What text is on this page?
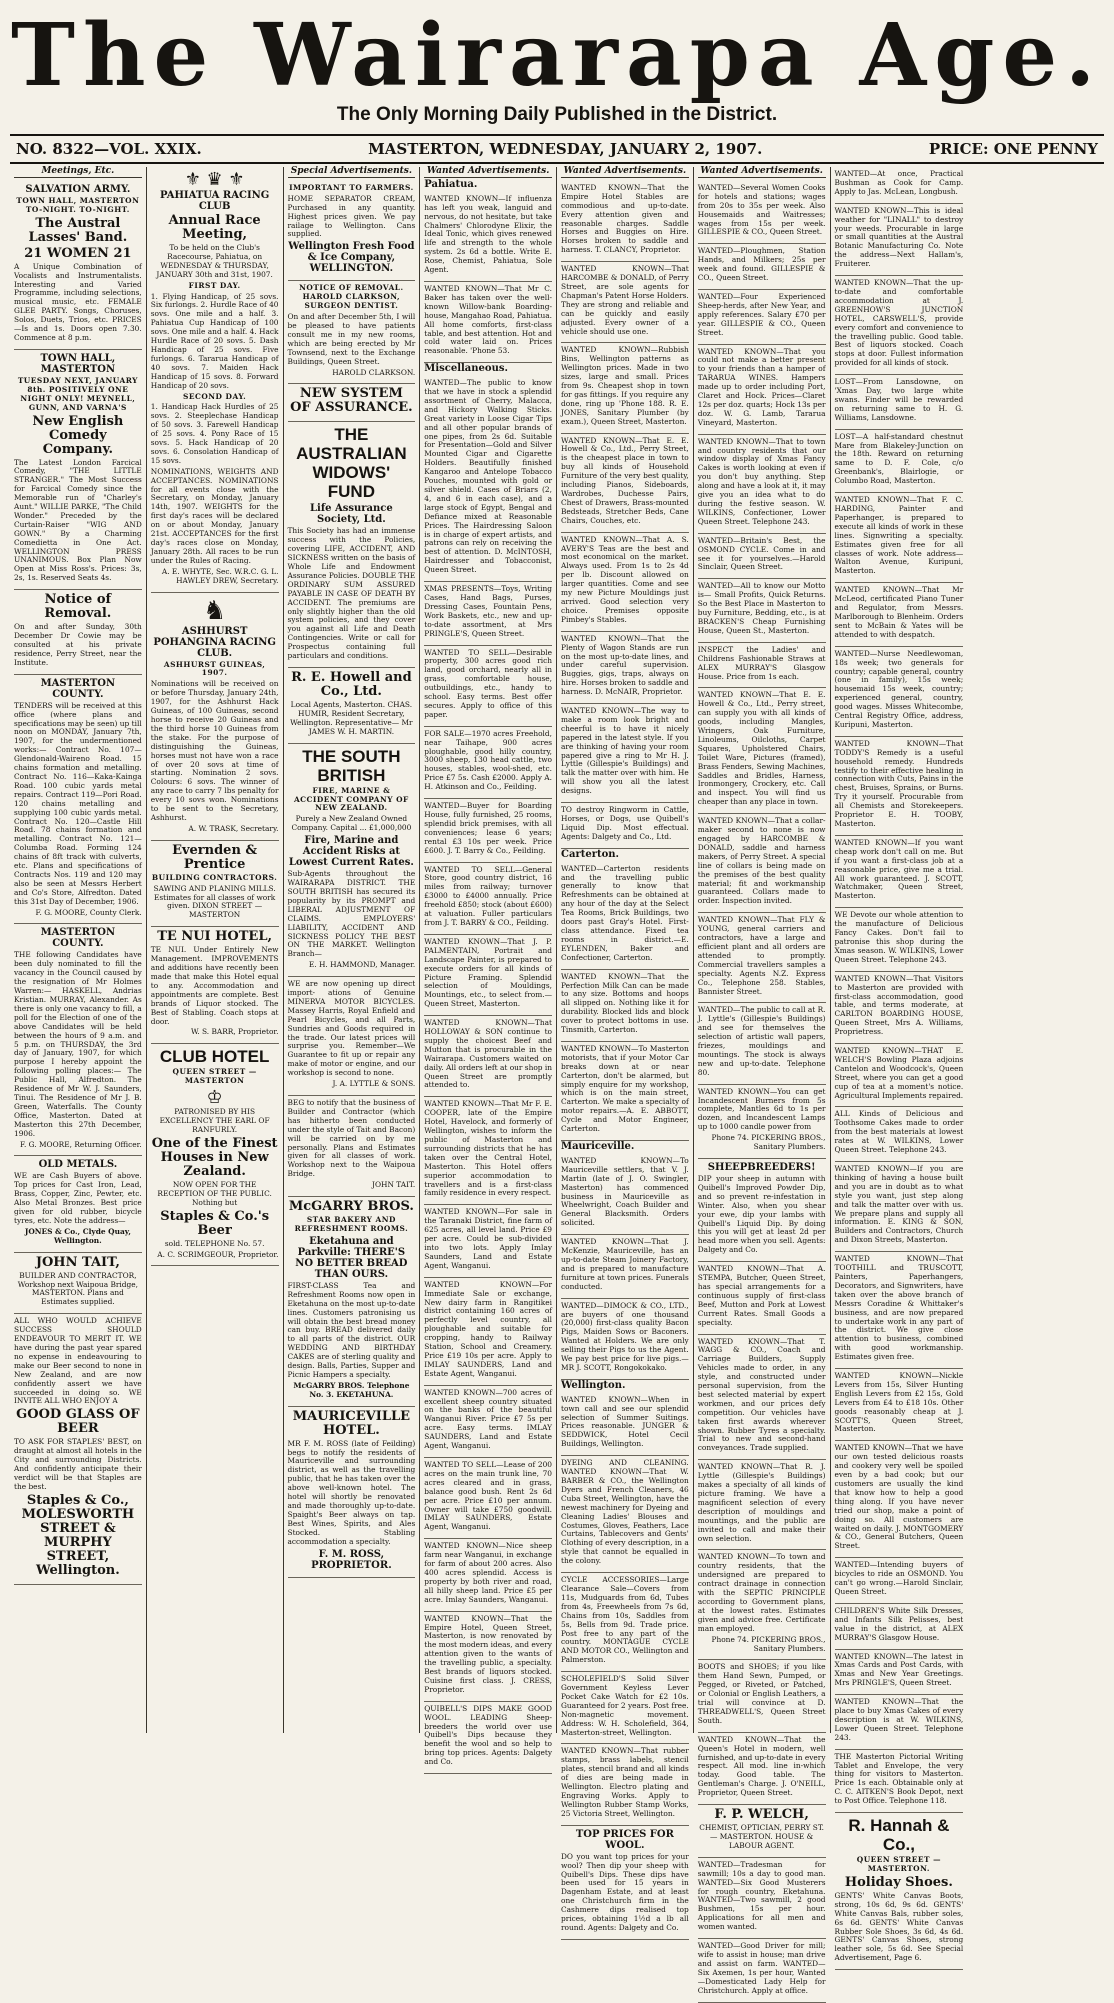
The Wairarapa Age.
The Only Morning Daily Published in the District.
NO. 8322—VOL. XXIX.	MASTERTON, WEDNESDAY, JANUARY 2, 1907.	PRICE: ONE PENNY
Meetings, Etc.
SALVATION ARMY.

TOWN HALL, MASTERTON TO-NIGHT. TO-NIGHT.

The Austral Lasses' Band.
21 WOMEN 21

A Unique Combination of Vocalists and Instrumentalists. Interesting and Varied Programme, including selections, musical music, etc. FEMALE GLEE PARTY. Songs, Choruses, Solos, Duets, Trios, etc. PRICES—Is and 1s. Doors open 7.30. Commence at 8 p.m.

TOWN HALL, MASTERTON

TUESDAY NEXT, JANUARY 8th. POSITIVELY ONE NIGHT ONLY! MEYNELL, GUNN, AND VARNA'S

New English Comedy Company.

The Latest London Farcical Comedy, "THE LITTLE STRANGER." The Most Success for Farcical Comedy since the Memorable run of "Charley's Aunt." WILLIE PARKE, "The Child Wonder." Preceded by the Curtain-Raiser "WIG AND GOWN." By a Charming Comedietta in One Act. WELLINGTON PRESS UNANIMOUS. Box Plan Now Open at Miss Ross's. Prices: 3s, 2s, 1s. Reserved Seats 4s.

Notice of Removal.

On and after Sunday, 30th December Dr Cowie may be consulted at his private residence, Perry Street, near the Institute.

MASTERTON COUNTY.

TENDERS will be received at this office (where plans and specifications may be seen) up till noon on MONDAY, January 7th, 1907, for the undermentioned works:— Contract No. 107—Glendonald-Waireno Road. 15 chains formation and metalling. Contract No. 116—Kaka-Kainga Road. 100 cubic yards metal repairs. Contract 119—Pori Road. 120 chains metalling and supplying 100 cubic yards metal. Contract No. 120—Castle Hill Road. 78 chains formation and metalling. Contract No. 121—Columba Road. Forming 124 chains of 8ft track with culverts, etc. Plans and specifications of Contracts Nos. 119 and 120 may also be seen at Messrs Herbert and Co's Store, Alfredton. Dated this 31st Day of December, 1906.

F. G. MOORE, County Clerk.

MASTERTON COUNTY.

THE following Candidates have been duly nominated to fill the vacancy in the Council caused by the resignation of Mr Holmes Warren:— HASKELL, Andrias Kristian. MURRAY, Alexander. As there is only one vacancy to fill, a poll for the Election of one of the above Candidates will be held between the hours of 9 a.m. and 5 p.m. on THURSDAY, the 3rd day of January, 1907, for which purpose I hereby appoint the following polling places:— The Public Hall, Alfredton. The Residence of Mr W. J. Saunders, Tinui. The Residence of Mr J. B. Green, Waterfalls. The County Office, Masterton. Dated at Masterton this 27th December, 1906.

F. G. MOORE, Returning Officer.

OLD METALS.

WE are Cash Buyers of above. Top prices for Cast Iron, Lead, Brass, Copper, Zinc, Pewter, etc. Also Metal Bronzes. Best price given for old rubber, bicycle tyres, etc. Note the address—

JONES & Co., Clyde Quay, Wellington.

JOHN TAIT,

BUILDER AND CONTRACTOR, Workshop next Waipoua Bridge, MASTERTON. Plans and Estimates supplied.

ALL WHO WOULD ACHIEVE SUCCESS SHOULD ENDEAVOUR TO MERIT IT. WE have during the past year spared no expense in endeavouring to make our Beer second to none in New Zealand, and are now confidently assert we have succeeded in doing so. WE INVITE ALL WHO ENJOY A

GOOD GLASS OF BEER

TO ASK FOR STAPLES' BEST, on draught at almost all hotels in the City and surrounding Districts. And confidently anticipate their verdict will be that Staples are the best.

Staples & Co., MOLESWORTH STREET & MURPHY STREET, Wellington.
⚜ ♛ ⚜
PAHIATUA RACING CLUB
Annual Race Meeting,

To be held on the Club's Racecourse, Pahiatua, on WEDNESDAY & THURSDAY, JANUARY 30th and 31st, 1907.

FIRST DAY.

1. Flying Handicap, of 25 sovs. Six furlongs. 2. Hurdle Race of 40 sovs. One mile and a half. 3. Pahiatua Cup Handicap of 100 sovs. One mile and a half. 4. Hack Hurdle Race of 20 sovs. 5. Dash Handicap of 25 sovs. Five furlongs. 6. Tararua Handicap of 40 sovs. 7. Maiden Hack Handicap of 15 sovs. 8. Forward Handicap of 20 sovs.

SECOND DAY.

1. Handicap Hack Hurdles of 25 sovs. 2. Steeplechase Handicap of 50 sovs. 3. Farewell Handicap of 25 sovs. 4. Pony Race of 15 sovs. 5. Hack Handicap of 20 sovs. 6. Consolation Handicap of 15 sovs.

NOMINATIONS, WEIGHTS AND ACCEPTANCES. NOMINATIONS for all events close with the Secretary, on Monday, January 14th, 1907. WEIGHTS for the first day's races will be declared on or about Monday, January 21st. ACCEPTANCES for the first day's races close on Monday, January 28th. All races to be run under the Rules of Racing.

A. E. WHYTE, Sec. W.R.C. G. L. HAWLEY DREW, Secretary.

♞
ASHHURST POHANGINA RACING CLUB.

ASHHURST GUINEAS, 1907.

Nominations will be received on or before Thursday, January 24th, 1907, for the Ashhurst Hack Guineas, of 100 Guineas, second horse to receive 20 Guineas and the third horse 10 Guineas from the stake. For the purpose of distinguishing the Guineas, horses must not have won a race of over 20 sovs at time of starting. Nomination 2 sovs. Colours: 6 sovs. The winner of any race to carry 7 lbs penalty for every 10 sovs won. Nominations to be sent to the Secretary, Ashhurst.

A. W. TRASK, Secretary.

Evernden & Prentice

BUILDING CONTRACTORS.

SAWING AND PLANING MILLS. Estimates for all classes of work given. DIXON STREET — MASTERTON

TE NUI HOTEL,

TE NUI. Under Entirely New Management. IMPROVEMENTS and additions have recently been made that make this Hotel equal to any. Accommodation and appointments are complete. Best brands of Liquor stocked. The Best of Stabling. Coach stops at door.

W. S. BARR, Proprietor.

CLUB HOTEL

QUEEN STREET — MASTERTON

♔

PATRONISED BY HIS EXCELLENCY THE EARL OF RANFURLY.

One of the Finest Houses in New Zealand.

NOW OPEN FOR THE RECEPTION OF THE PUBLIC. Nothing but

Staples & Co.'s Beer

sold. TELEPHONE No. 57.

A. C. SCRIMGEOUR, Proprietor.

Special Advertisements.

IMPORTANT TO FARMERS.

HOME SEPARATOR CREAM, Purchased in any quantity. Highest prices given. We pay railage to Wellington. Cans supplied.

Wellington Fresh Food & Ice Company, WELLINGTON.

NOTICE OF REMOVAL. HAROLD CLARKSON, SURGEON DENTIST.

On and after December 5th, I will be pleased to have patients consult me in my new rooms, which are being erected by Mr Townsend, next to the Exchange Buildings, Queen Street.

HAROLD CLARKSON.

NEW SYSTEM OF ASSURANCE.
THE AUSTRALIAN WIDOWS' FUND
Life Assurance Society, Ltd.

This Society has had an immense success with the Policies, covering LIFE, ACCIDENT, AND SICKNESS written on the basis of Whole Life and Endowment Assurance Policies. DOUBLE THE ORDINARY SUM ASSURED PAYABLE IN CASE OF DEATH BY ACCIDENT. The premiums are only slightly higher than the old system policies, and they cover you against all Life and Death Contingencies. Write or call for Prospectus containing full particulars and conditions.

R. E. Howell and Co., Ltd.

Local Agents, Masterton. CHAS. HUMIR, Resident Secretary, Wellington. Representative— Mr JAMES W. H. MARTIN.

THE SOUTH BRITISH

FIRE, MARINE & ACCIDENT COMPANY OF NEW ZEALAND.

Purely a New Zealand Owned Company. Capital ... £1,000,000

Fire, Marine and Accident Risks at Lowest Current Rates.

Sub-Agents throughout the WAIRARAPA DISTRICT. THE SOUTH BRITISH has secured its popularity by its PROMPT and LIBERAL ADJUSTMENT OF CLAIMS. EMPLOYERS' LIABILITY, ACCIDENT AND SICKNESS POLICY THE BEST ON THE MARKET. Wellington Branch—

E. H. HAMMOND, Manager.

WE are now opening up direct import- ations of Genuine MINERVA MOTOR BICYCLES. Massey Harris, Royal Enfield and Pearl Bicycles, and all Parts, Sundries and Goods required in the trade. Our latest prices will surprise you. Remember—We Guarantee to fit up or repair any make of motor or engine, and our workshop is second to none.

J. A. LYTTLE & SONS.

BEG to notify that the business of Builder and Contractor (which has hitherto been conducted under the style of Tait and Bacon) will be carried on by me personally. Plans and Estimates given for all classes of work. Workshop next to the Waipoua Bridge.

JOHN TAIT.

McGARRY BROS.

STAR BAKERY AND REFRESHMENT ROOMS.

Eketahuna and Parkville: THERE'S NO BETTER BREAD THAN OURS.

FIRST-CLASS Tea and Refreshment Rooms now open in Eketahuna on the most up-to-date lines. Customers patronising us will obtain the best bread money can buy. BREAD delivered daily to all parts of the district. OUR WEDDING AND BIRTHDAY CAKES are of sterling quality and design. Balls, Parties, Supper and Picnic Hampers a specialty.

McGARRY BROS. Telephone No. 3. EKETAHUNA.

MAURICEVILLE HOTEL.

MR F. M. ROSS (late of Feilding) begs to notify the residents of Mauriceville and surrounding district, as well as the travelling public, that he has taken over the above well-known hotel. The hotel will shortly be renovated and made thoroughly up-to-date. Spaight's Beer always on tap. Best Wines, Spirits, and Ales Stocked. Stabling accommodation a specialty.

F. M. ROSS, PROPRIETOR.
Wanted Advertisements.
Pahiatua.

WANTED KNOWN—If influenza has left you weak, languid and nervous, do not hesitate, but take Chalmers' Chlorodyne Elixir, the Ideal Tonic, which gives renewed life and strength to the whole system. 2s 6d a bottle. Write E. Rose, Chemist, Pahiatua, Sole Agent.

WANTED KNOWN—That Mr C. Baker has taken over the well-known Willow-bank Boarding-house, Mangahao Road, Pahiatua. All home comforts, first-class table, and best attention. Hot and cold water laid on. Prices reasonable. 'Phone 53.

Miscellaneous.

WANTED—The public to know that we have in stock a splendid assortment of Cherry, Malacca, and Hickory Walking Sticks. Great variety in Loose Cigar Tips and all other popular brands of one pipes, from 2s 6d. Suitable for Presentation—Gold and Silver Mounted Cigar and Cigarette Holders. Beautifully finished Kangaroo and Antelope Tobacco Pouches, mounted with gold or silver shield. Cases of Briars (2, 4, and 6 in each case), and a large stock of Egypt, Bengal and Defiance mixed at Reasonable Prices. The Hairdressing Saloon is in charge of expert artists, and patrons can rely on receiving the best of attention. D. McINTOSH, Hairdresser and Tobacconist, Queen Street.

XMAS PRESENTS—Toys, Writing Cases, Hand Bags, Purses, Dressing Cases, Fountain Pens, Work Baskets, etc., new and up-to-date assortment, at Mrs PRINGLE'S, Queen Street.

WANTED TO SELL—Desirable property, 300 acres good rich land, good orchard, nearly all in grass, comfortable house, outbuildings, etc., handy to school. Easy terms. Best offer secures. Apply to office of this paper.

FOR SALE—1970 acres Freehold, near Taihape, 900 acres ploughable, good hilly country, 3000 sheep, 130 head cattle, two houses, stables, wool-shed, etc. Price £7 5s. Cash £2000. Apply A. H. Atkinson and Co., Feilding.

WANTED—Buyer for Boarding House, fully furnished, 25 rooms, splendid brick premises, with all conveniences; lease 6 years; rental £3 10s per week. Price £600. J. T. Barry & Co., Feilding.

WANTED TO SELL—General Store, good country district, 16 miles from railway; turnover £3000 to £4000 annually. Price freehold £850; stock (about £600) at valuation. Fuller particulars from J. T. BARRY & CO., Feilding.

WANTED KNOWN—That J. P. PALMENTAIN, Portrait and Landscape Painter, is prepared to execute orders for all kinds of Picture Framing. Splendid selection of Mouldings, Mountings, etc., to select from.—Queen Street, Masterton.

WANTED KNOWN—That HOLLOWAY & SON continue to supply the choicest Beef and Mutton that is procurable in the Wairarapa. Customers waited on daily. All orders left at our shop in Queen Street are promptly attended to.

WANTED KNOWN—That Mr F. E. COOPER, late of the Empire Hotel, Havelock, and formerly of Wellington, wishes to inform the public of Masterton and surrounding districts that he has taken over the Central Hotel, Masterton. This Hotel offers superior accommodation to travellers and is a first-class family residence in every respect.

WANTED KNOWN—For sale in the Taranaki District, fine farm of 625 acres, all level land. Price £9 per acre. Could be sub-divided into two lots. Apply Imlay Saunders, Land and Estate Agent, Wanganui.

WANTED KNOWN—For Immediate Sale or exchange, New dairy farm in Rangitikei district containing 160 acres of perfectly level country, all ploughable and suitable for cropping, handy to Railway Station, School and Creamery. Price £19 10s per acre. Apply to IMLAY SAUNDERS, Land and Estate Agent, Wanganui.

WANTED KNOWN—700 acres of excellent sheep country situated on the banks of the beautiful Wanganui River. Price £7 5s per acre. Easy terms. IMLAY SAUNDERS, Land and Estate Agent, Wanganui.

WANTED TO SELL—Lease of 200 acres on the main trunk line, 70 acres cleared and in grass, balance good bush. Rent 2s 6d per acre. Price £10 per annum. Owner will take £750 goodwill. IMLAY SAUNDERS, Estate Agent, Wanganui.

WANTED KNOWN—Nice sheep farm near Wanganui, in exchange for farm of about 200 acres. Also 400 acres splendid. Access is property by both river and road, all hilly sheep land. Price £5 per acre. Imlay Saunders, Wanganui.

WANTED KNOWN—That the Empire Hotel, Queen Street, Masterton, is now renovated by the most modern ideas, and every attention given to the wants of the travelling public, a specialty. Best brands of liquors stocked. Cuisine first class. J. CRESS, Proprietor.

QUIBELL'S DIPS MAKE GOOD WOOL. LEADING Sheep-breeders the world over use Quibell's Dips because they benefit the wool and so help to bring top prices. Agents: Dalgety and Co.

Wanted Advertisements.

WANTED KNOWN—That the Empire Hotel Stables are commodious and up-to-date. Every attention given and reasonable charges. Saddle Horses and Buggies on Hire. Horses broken to saddle and harness. T. CLANCY, Proprietor.

WANTED KNOWN—That HARCOMBE & DONALD, of Perry Street, are sole agents for Chapman's Patent Horse Holders. They are strong and reliable and can be quickly and easily adjusted. Every owner of a vehicle should use one.

WANTED KNOWN—Rubbish Bins, Wellington patterns as Wellington prices. Made in two sizes, large and small. Prices from 9s. Cheapest shop in town for gas fittings. If you require any done, ring up 'Phone 188. R. E. JONES, Sanitary Plumber (by exam.), Queen Street, Masterton.

WANTED KNOWN—That E. E. Howell & Co., Ltd., Perry Street, is the cheapest place in town to buy all kinds of Household Furniture of the very best quality, including Pianos, Sideboards, Wardrobes, Duchesse Pairs, Chest of Drawers, Brass-mounted Bedsteads, Stretcher Beds, Cane Chairs, Couches, etc.

WANTED KNOWN—That A. S. AVERY'S Teas are the best and most economical on the market. Always used. From 1s to 2s 4d per lb. Discount allowed on larger quantities. Come and see my new Picture Mouldings just arrived. Good selection very choice. Premises opposite Pimbey's Stables.

WANTED KNOWN—That the Plenty of Wagon Stands are run on the most up-to-date lines, and under careful supervision. Buggies, gigs, traps, always on hire. Horses broken to saddle and harness. D. McNAIR, Proprietor.

WANTED KNOWN—The way to make a room look bright and cheerful is to have it nicely papered in the latest style. If you are thinking of having your room papered give a ring to Mr H. J. Lyttle (Gillespie's Buildings) and talk the matter over with him. He will show you all the latest designs.

TO destroy Ringworm in Cattle, Horses, or Dogs, use Quibell's Liquid Dip. Most effectual. Agents: Dalgety and Co., Ltd.

Carterton.

WANTED—Carterton residents and the travelling public generally to know that Refreshments can be obtained at any hour of the day at the Select Tea Rooms, Brick Buildings, two doors past Gray's Hotel. First-class attendance. Fixed tea rooms in district.—E. EYLENDEN, Baker and Confectioner, Carterton.

WANTED KNOWN—That the Perfection Milk Can can be made to any size. Bottoms and hoops all slipped on. Nothing like it for durability. Blocked lids and block cover to protect bottoms in use. Tinsmith, Carterton.

WANTED KNOWN—To Masterton motorists, that if your Motor Car breaks down at or near Carterton, don't be alarmed, but simply enquire for my workshop, which is on the main street, Carterton. We make a specialty of motor repairs.—A. E. ABBOTT, Cycle and Motor Engineer, Carterton.

Mauriceville.

WANTED KNOWN—To Mauriceville settlers, that V. J. Martin (late of J. O. Swingler, Masterton) has commenced business in Mauriceville as Wheelwright, Coach Builder and General Blacksmith. Orders solicited.

WANTED KNOWN—That J. McKenzie, Mauriceville, has an up-to-date Steam Joinery Factory, and is prepared to manufacture furniture at town prices. Funerals conducted.

WANTED—DIMOCK & CO., LTD., are buyers of one thousand (20,000) first-class quality Bacon Pigs, Maiden Sows or Baconers. Wanted at Holders. We are only selling their Pigs to us the Agent. We pay best price for live pigs.—MR J. SCOTT, Rongokokako.

Wellington.

WANTED KNOWN—When in town call and see our splendid selection of Summer Suitings. Prices reasonable. JUNGER & SEDDWICK, Hotel Cecil Buildings, Wellington.

DYEING AND CLEANING. WANTED KNOWN—That W. BARBER & CO., the Wellington Dyers and French Cleaners, 46 Cuba Street, Wellington, have the newest machinery for Dyeing and Cleaning Ladies' Blouses and Costumes, Gloves, Feathers, Lace Curtains, Tablecovers and Gents' Clothing of every description, in a style that cannot be equalled in the colony.

CYCLE ACCESSORIES—Large Clearance Sale—Covers from 11s, Mudguards from 6d, Tubes from 4s, Freewheels from 7s 6d, Chains from 10s, Saddles from 5s, Bells from 9d. Trade price. Post free to any part of the country. MONTAGUE CYCLE AND MOTOR CO., Wellington and Palmerston.

SCHOLEFIELD'S Solid Silver Government Keyless Lever Pocket Cake Watch for £2 10s. Guaranteed for 2 years. Post free. Non-magnetic movement. Address: W. H. Scholefield, 364, Masterton-street, Wellington.

WANTED KNOWN—That rubber stamps, brass labels, stencil plates, stencil brand and all kinds of dies are being made in Wellington. Electro plating and Engraving Works. Apply to Wellington Rubber Stamp Works, 25 Victoria Street, Wellington.

TOP PRICES FOR WOOL.

DO you want top prices for your wool? Then dip your sheep with Quibell's Dips. These dips have been used for 15 years in Dagenham Estate, and at least one Christchurch firm in the Cashmere dips realised top prices, obtaining 1½d a lb all round. Agents: Dalgety and Co.

Wanted Advertisements.

WANTED—Several Women Cooks for hotels and stations; wages from 20s to 35s per week. Also Housemaids and Waitresses; wages from 15s per week. GILLESPIE & CO., Queen Street.

WANTED—Ploughmen, Station Hands, and Milkers; 25s per week and found. GILLESPIE & CO., Queen Street.

WANTED—Four Experienced Sheep-herds, after New Year, and apply references. Salary £70 per year. GILLESPIE & CO., Queen Street.

WANTED KNOWN—That you could not make a better present to your friends than a hamper of TARARUA WINES. Hampers made up to order including Port, Claret and Hock. Prices—Claret 12s per doz. quarts; Hock 13s per doz. W. G. Lamb, Tararua Vineyard, Masterton.

WANTED KNOWN—That to town and country residents that our window display of Xmas Fancy Cakes is worth looking at even if you don't buy anything. Step along and have a look at it, it may give you an idea what to do during the festive season. W. WILKINS, Confectioner, Lower Queen Street. Telephone 243.

WANTED—Britain's Best, the OSMOND CYCLE. Come in and see it for yourselves.—Harold Sinclair, Queen Street.

WANTED—All to know our Motto is— Small Profits, Quick Returns. So the Best Place in Masterton to buy Furniture, Bedding, etc., is at BRACKEN'S Cheap Furnishing House, Queen St., Masterton.

INSPECT the Ladies' and Childrens Fashionable Straws at ALEX MURRAY'S Glasgow House. Price from 1s each.

WANTED KNOWN—That E. E. Howell & Co., Ltd., Perry street, can supply you with all kinds of goods, including Mangles, Wringers, Oak Furniture, Linoleums, Oilcloths, Carpet Squares, Upholstered Chairs, Toilet Ware, Pictures (framed), Brass Fenders, Sewing Machines, Saddles and Bridles, Harness, Ironmongery, Crockery, etc. Call and inspect. You will find us cheaper than any place in town.

WANTED KNOWN—That a collar-maker second to none is now engaged by HARCOMBE & DONALD, saddle and harness makers, of Perry Street. A special line of collars is being made on the premises of the best quality material; fit and workmanship guaranteed. Collars made to order. Inspection invited.

WANTED KNOWN—That FLY & YOUNG, general carriers and contractors, have a large and efficient plant and all orders are attended to promptly. Commercial travellers samples a specialty. Agents N.Z. Express Co., Telephone 258. Stables, Bannister Street.

WANTED—The public to call at R. J. Lyttle's (Gillespie's Buildings) and see for themselves the selection of artistic wall papers, friezes, mouldings and mountings. The stock is always new and up-to-date. Telephone 80.

WANTED KNOWN—You can get Incandescent Burners from 5s complete, Mantles 6d to 1s per dozen, and Incandescent Lamps up to 1000 candle power from

Phone 74. PICKERING BROS., Sanitary Plumbers.

SHEEPBREEDERS!

DIP your sheep in autumn with Quibell's Improved Powder Dip, and so prevent re-infestation in Winter. Also, when you shear your ewe, dip your lambs with Quibell's Liquid Dip. By doing this you will get at least 2d per head more when you sell. Agents: Dalgety and Co.

WANTED KNOWN—That A. STEMPA, Butcher, Queen Street, has special arrangements for a continuous supply of first-class Beef, Mutton and Pork at Lowest Current Rates. Small Goods a specialty.

WANTED KNOWN—That T. WAGG & CO., Coach and Carriage Builders, Supply Vehicles made to order, in any style, and constructed under personal supervision, from the best selected material by expert workmen, and our prices defy competition. Our vehicles have taken first awards wherever shown. Rubber Tyres a specialty. Trial to new and second-hand conveyances. Trade supplied.

WANTED KNOWN—That R. J. Lyttle (Gillespie's Buildings) makes a specialty of all kinds of picture framing. We have a magnificent selection of every description of mouldings and mountings, and the public are invited to call and make their own selection.

WANTED KNOWN—To town and country residents, that the undersigned are prepared to contract drainage in connection with the SEPTIC PRINCIPLE according to Government plans, at the lowest rates. Estimates given and advice free. Certificate man employed.

Phone 74. PICKERING BROS., Sanitary Plumbers.

BOOTS and SHOES; if you like them Hand Sewn, Pumped, or Pegged, or Riveted, or Patched, or Colonial or English Leathers, a trial will convince at D. THREADWELL'S, Queen Street South.

WANTED KNOWN—That the Queen's Hotel in modern, well furnished, and up-to-date in every respect. All mod. line in-which today. Good table. The Gentleman's Charge. J. O'NEILL, Proprietor, Queen Street.

F. P. WELCH,

CHEMIST, OPTICIAN, PERRY ST. — MASTERTON. HOUSE & LABOUR AGENT.

WANTED—Tradesman for sawmill; 10s a day to good man. WANTED—Six Good Musterers for rough country, Eketahuna. WANTED—Two sawmill, 2 good Bushmen, 15s per hour. Applications for all men and women wanted.

WANTED—Good Driver for mill; wife to assist in house; man drive and assist on farm. WANTED—Six Axemen, 1s per hour, Wanted—Domesticated Lady Help for Christchurch. Apply at office.

WANTED—At once, Practical Bushman as Cook for Camp. Apply to Jas. McLean, Longbush.

WANTED KNOWN—This is ideal weather for "LINALL" to destroy your weeds. Procurable in large or small quantities at the Austral Botanic Manufacturing Co. Note the address—Next Hallam's, Fruiterer.

WANTED KNOWN—That the up-to-date and comfortable accommodation at J. GREENHOW'S JUNCTION HOTEL, CARSWELL'S, provide every comfort and convenience to the travelling public. Good table. Best of liquors stocked. Coach stops at door. Fullest information provided for all kinds of stock.

LOST—From Lansdowne, on 'Xmas Day, two large white swans. Finder will be rewarded on returning same to H. G. Williams, Lansdowne.

LOST—A half-standard chestnut Mare from Blakeley-Junction on the 18th. Reward on returning same to D. F. Cole, c/o Greenbank's, Blairlogie, or Columbo Road, Masterton.

WANTED KNOWN—That F. C. HARDING, Painter and Paperhanger, is prepared to execute all kinds of work in these lines. Signwriting a specialty. Estimates given free for all classes of work. Note address—Walton Avenue, Kuripuni, Masterton.

WANTED KNOWN—That Mr McLeod, certificated Piano Tuner and Regulator, from Messrs. Marlborough to Blenheim. Orders sent to McBain & Yates will be attended to with despatch.

WANTED—Nurse Needlewoman, 18s week; two generals for country; capable general, country (one in family), 15s week; housemaid 15s week, country; experienced general, country, good wages. Misses Whitecombe, Central Registry Office, address, Kuripuni, Masterton.

WANTED KNOWN—That TODDY'S Remedy is a useful household remedy. Hundreds testify to their effective healing in connection with Cuts, Pains in the chest, Bruises, Sprains, or Burns. Try it yourself. Procurable from all Chemists and Storekeepers. Proprietor E. H. TOOBY, Masterton.

WANTED KNOWN—If you want cheap work don't call on me. But if you want a first-class job at a reasonable price, give me a trial. All work guaranteed. J. SCOTT, Watchmaker, Queen Street, Masterton.

WE Devote our whole attention to the manufacture of Delicious Fancy Cakes. Don't fail to patronise this shop during the Xmas season. W. WILKINS, Lower Queen Street. Telephone 243.

WANTED KNOWN—That Visitors to Masterton are provided with first-class accommodation, good table, and terms moderate, at CARLTON BOARDING HOUSE, Queen Street, Mrs A. Williams, Proprietress.

WANTED KNOWN—THAT E. WELCH'S Bowling Plaza adjoins Cantelon and Woodcock's, Queen Street, where you can get a good cup of tea at a moment's notice. Agricultural Implements repaired.

ALL Kinds of Delicious and Toothsome Cakes made to order from the best materials at lowest rates at W. WILKINS, Lower Queen Street. Telephone 243.

WANTED KNOWN—If you are thinking of having a house built and you are in doubt as to what style you want, just step along and talk the matter over with us. We prepare plans and supply all information. E. KING & SON, Builders and Contractors, Church and Dixon Streets, Masterton.

WANTED KNOWN—That TOOTHILL and TRUSCOTT, Painters, Paperhangers, Decorators, and Signwriters, have taken over the above branch of Messrs Coradine & Whittaker's business, and are now prepared to undertake work in any part of the district. We give close attention to business, combined with good workmanship. Estimates given free.

WANTED KNOWN—Nickle Levers from 15s, Silver Hunting English Levers from £2 15s, Gold Levers from £4 to £18 10s. Other goods reasonably cheap at J. SCOTT'S, Queen Street, Masterton.

WANTED KNOWN—That we have our own tested delicious roasts and cookery very well be spoiled even by a bad cook; but our customers are usually the kind that know how to help a good thing along. If you have never tried our shop, make a point of doing so. All customers are waited on daily. J. MONTGOMERY & CO., General Butchers, Queen Street.

WANTED—Intending buyers of bicycles to ride an OSMOND. You can't go wrong.—Harold Sinclair, Queen Street.

CHILDREN'S White Silk Dresses, and Infants Silk Pelisses, best value in the district, at ALEX MURRAY'S Glasgow House.

WANTED KNOWN—The latest in Xmas Cards and Post Cards, with Xmas and New Year Greetings. Mrs PRINGLE'S, Queen Street.

WANTED KNOWN—That the place to buy Xmas Cakes of every description is at W. WILKINS, Lower Queen Street. Telephone 243.

THE Masterton Pictorial Writing Tablet and Envelope, the very thing for visitors to Masterton. Price 1s each. Obtainable only at C. C. AITKEN'S Book Depot, next to Post Office. Telephone 118.

R. Hannah & Co.,

QUEEN STREET — MASTERTON.

Holiday Shoes.

GENTS' White Canvas Boots, strong, 10s 6d, 9s 6d. GENTS' White Canvas Bals, rubber soles, 6s 6d. GENTS' White Canvas Rubber Sole Shoes, 3s 6d, 4s 6d. GENTS' Canvas Shoes, strong leather sole, 5s 6d. See Special Advertisement, Page 6.
